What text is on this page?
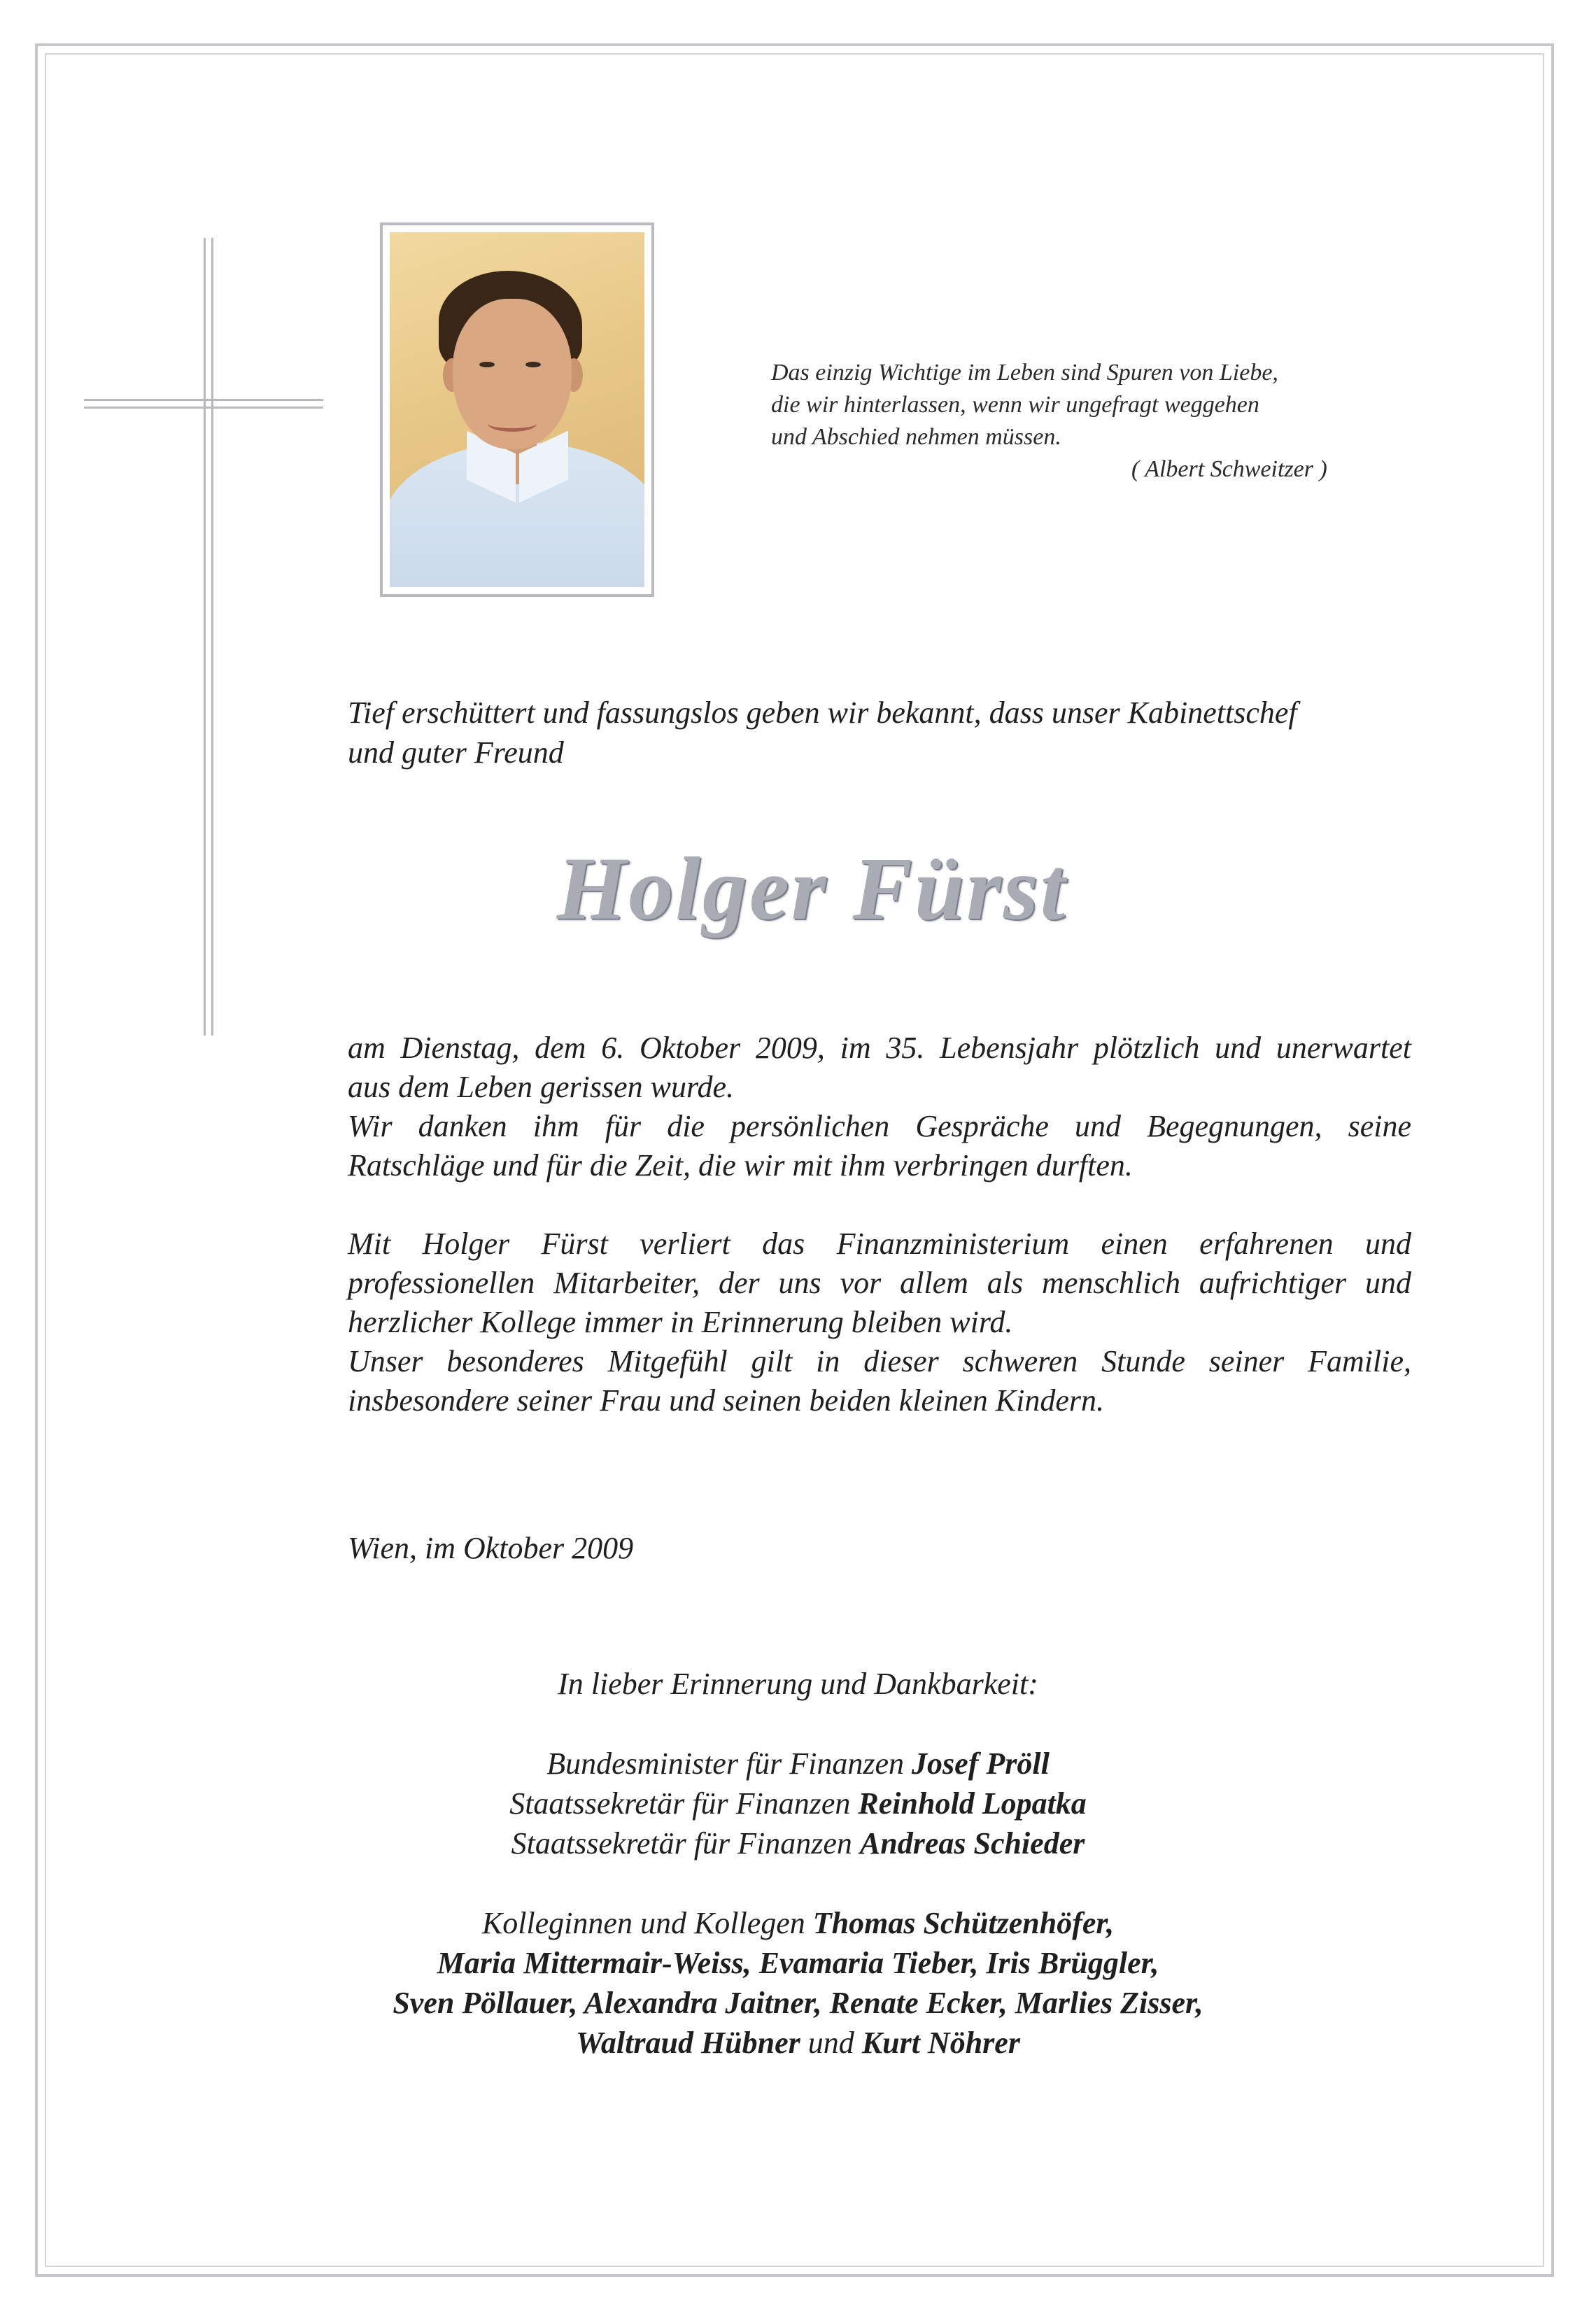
Das einzig Wichtige im Leben sind Spuren von Liebe,
die wir hinterlassen, wenn wir ungefragt weggehen
und Abschied nehmen müssen.
( Albert Schweitzer )
Tief erschüttert und fassungslos geben wir bekannt, dass unser Kabinettschef
und guter Freund
Holger Fürst
am Dienstag, dem 6. Oktober 2009, im 35. Lebensjahr plötzlich und unerwartet
aus dem Leben gerissen wurde.
Wir danken ihm für die persönlichen Gespräche und Begegnungen, seine
Ratschläge und für die Zeit, die wir mit ihm verbringen durften.
Mit Holger Fürst verliert das Finanzministerium einen erfahrenen und
professionellen Mitarbeiter, der uns vor allem als menschlich aufrichtiger und
herzlicher Kollege immer in Erinnerung bleiben wird.
Unser besonderes Mitgefühl gilt in dieser schweren Stunde seiner Familie,
insbesondere seiner Frau und seinen beiden kleinen Kindern.
Wien, im Oktober 2009
In lieber Erinnerung und Dankbarkeit:
Bundesminister für Finanzen Josef Pröll
Staatssekretär für Finanzen Reinhold Lopatka
Staatssekretär für Finanzen Andreas Schieder
Kolleginnen und Kollegen Thomas Schützenhöfer,
Maria Mittermair-Weiss, Evamaria Tieber, Iris Brüggler,
Sven Pöllauer, Alexandra Jaitner, Renate Ecker, Marlies Zisser,
Waltraud Hübner und Kurt Nöhrer
